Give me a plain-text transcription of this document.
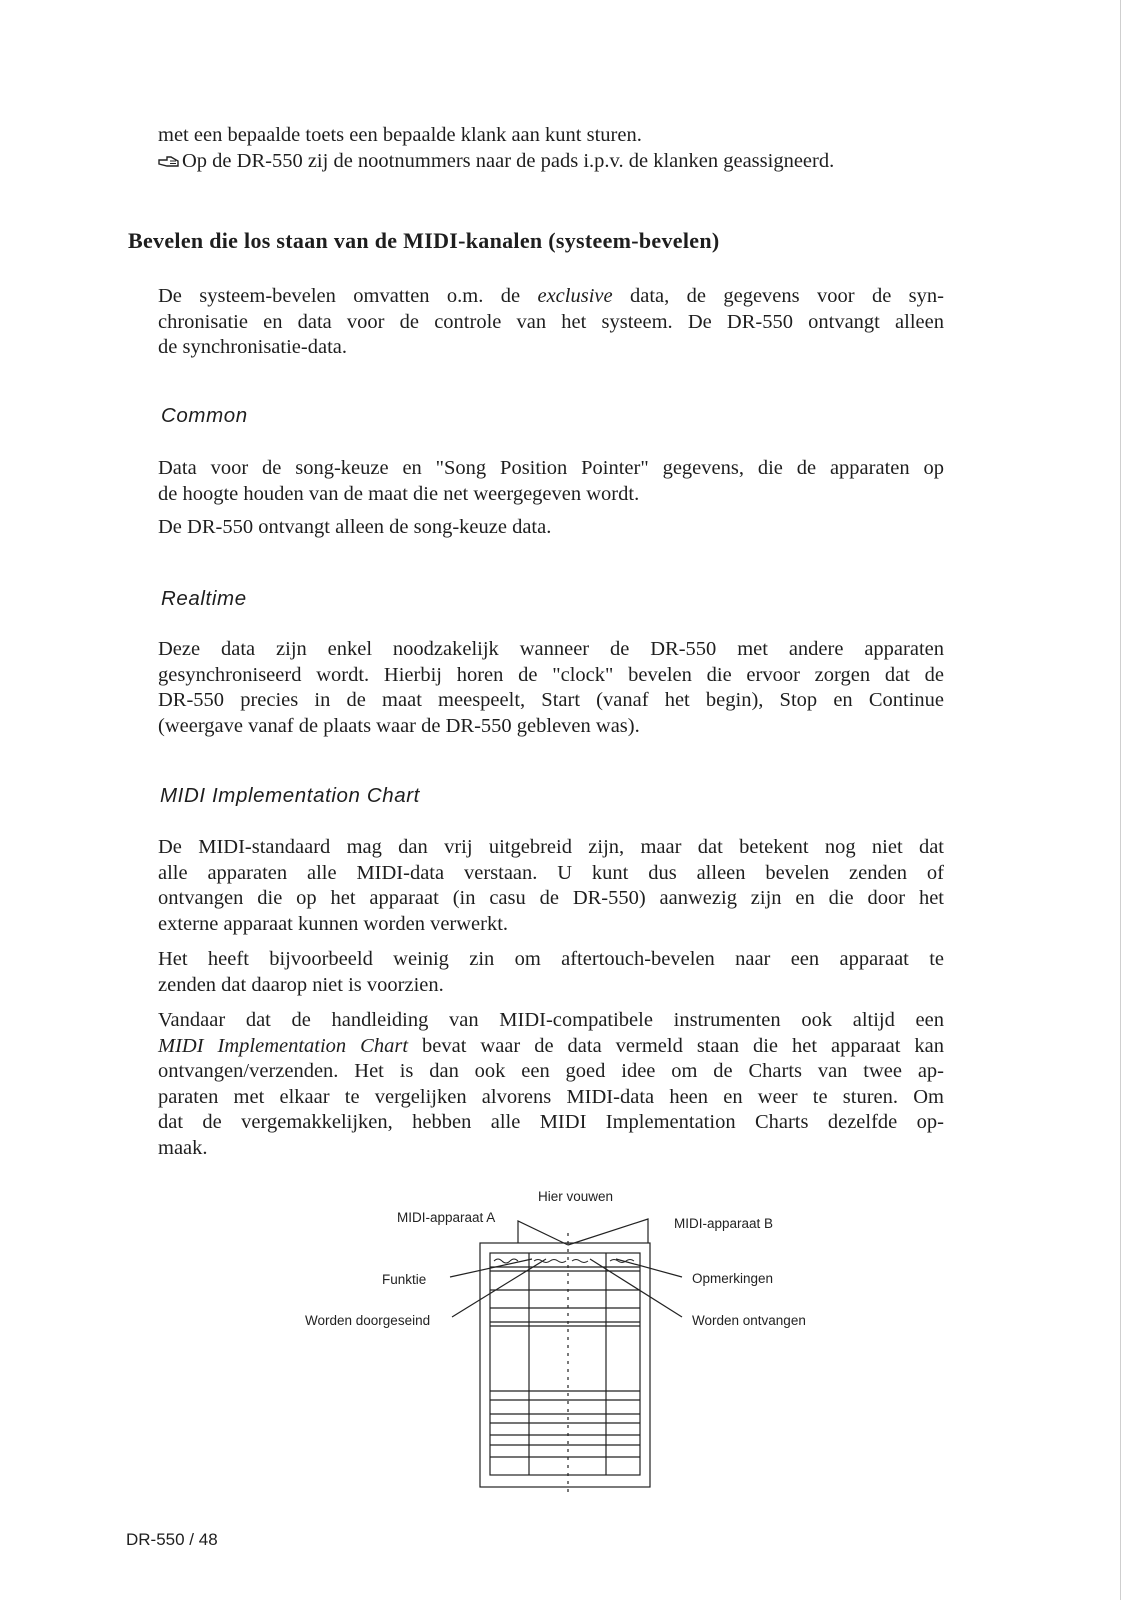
met een bepaalde toets een bepaalde klank aan kunt sturen.
Op de DR-550 zij de nootnummers naar de pads i.p.v. de klanken geassigneerd.
Bevelen die los staan van de MIDI-kanalen (systeem-bevelen)
De systeem-bevelen omvatten o.m. de exclusive data, de gegevens voor de syn-
chronisatie en data voor de controle van het systeem. De DR-550 ontvangt alleen
de synchronisatie-data.
Common
Data voor de song-keuze en "Song Position Pointer" gegevens, die de apparaten op
de hoogte houden van de maat die net weergegeven wordt.
De DR-550 ontvangt alleen de song-keuze data.
Realtime
Deze data zijn enkel noodzakelijk wanneer de DR-550 met andere apparaten
gesynchroniseerd wordt. Hierbij horen de "clock" bevelen die ervoor zorgen dat de
DR-550 precies in de maat meespeelt, Start (vanaf het begin), Stop en Continue
(weergave vanaf de plaats waar de DR-550 gebleven was).
MIDI Implementation Chart
De MIDI-standaard mag dan vrij uitgebreid zijn, maar dat betekent nog niet dat
alle apparaten alle MIDI-data verstaan. U kunt dus alleen bevelen zenden of
ontvangen die op het apparaat (in casu de DR-550) aanwezig zijn en die door het
externe apparaat kunnen worden verwerkt.
Het heeft bijvoorbeeld weinig zin om aftertouch-bevelen naar een apparaat te
zenden dat daarop niet is voorzien.
Vandaar dat de handleiding van MIDI-compatibele instrumenten ook altijd een
MIDI Implementation Chart bevat waar de data vermeld staan die het apparaat kan
ontvangen/verzenden. Het is dan ook een goed idee om de Charts van twee ap-
paraten met elkaar te vergelijken alvorens MIDI-data heen en weer te sturen. Om
dat de vergemakkelijken, hebben alle MIDI Implementation Charts dezelfde op-
maak.
Hier vouwen
MIDI-apparaat A	MIDI-apparaat B
Funktie
Worden doorgeseind
Opmerkingen
Worden ontvangen
DR-550 / 48
